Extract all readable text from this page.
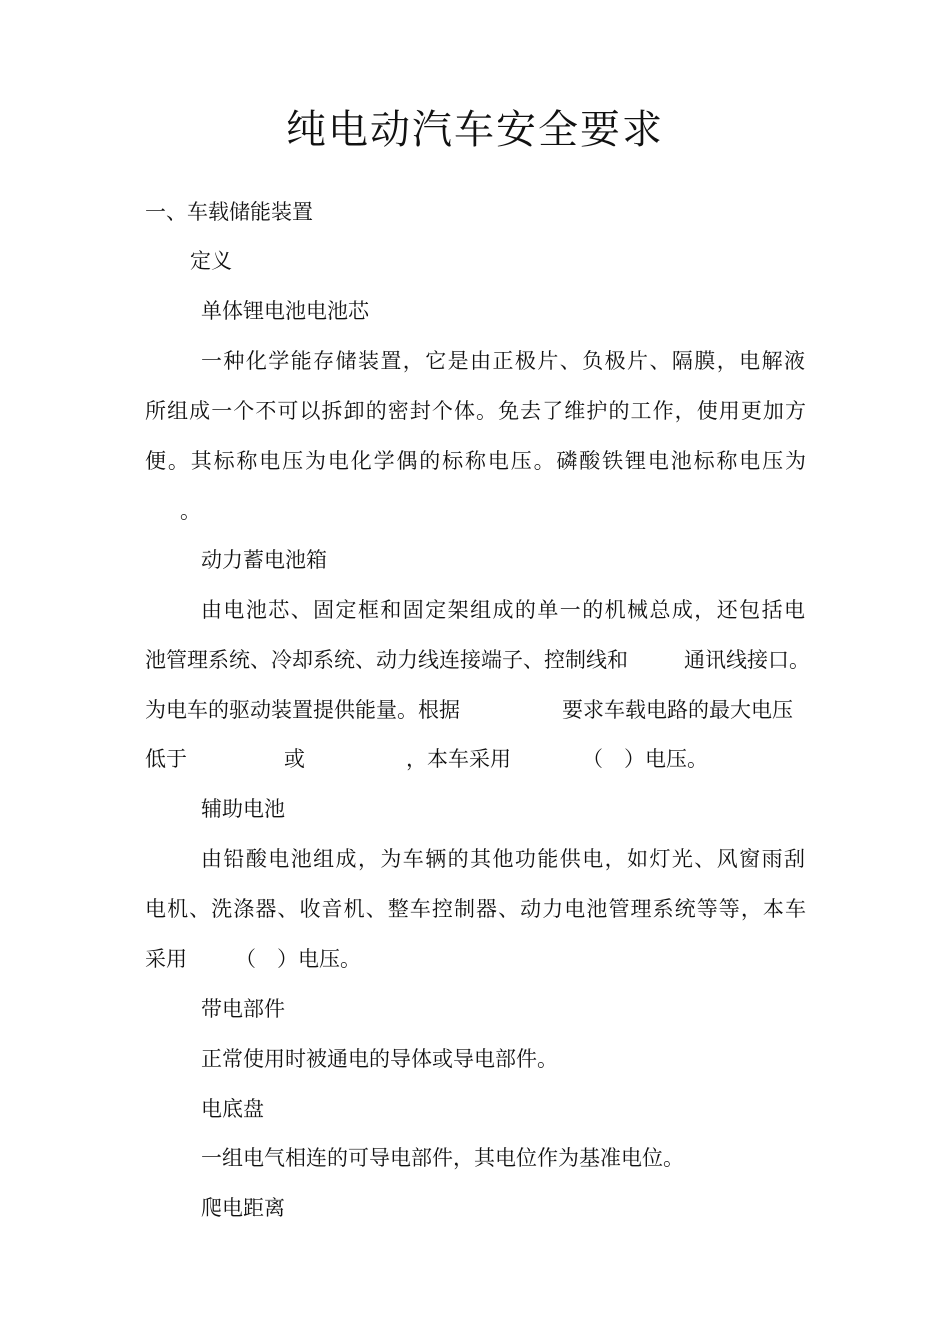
纯电动汽车安全要求
一、车载储能装置
定义
单体锂电池电池芯
一种化学能存储装置，它是由正极片、负极片、隔膜，电解液
所组成一个不可以拆卸的密封个体。免去了维护的工作，使用更加方
便。其标称电压为电化学偶的标称电压。磷酸铁锂电池标称电压为
。
动力蓄电池箱
由电池芯、固定框和固定架组成的单一的机械总成，还包括电
池管理系统、冷却系统、动力线连接端子、控制线和	通讯线接口。
为电车的驱动装置提供能量。根据	要求车载电路的最大电压
低于	或	，本车采用	（　）电压。
辅助电池
由铅酸电池组成，为车辆的其他功能供电，如灯光、风窗雨刮
电机、洗涤器、收音机、整车控制器、动力电池管理系统等等，本车
采用 （　）电压。
带电部件
正常使用时被通电的导体或导电部件。
电底盘
一组电气相连的可导电部件，其电位作为基准电位。
爬电距离
